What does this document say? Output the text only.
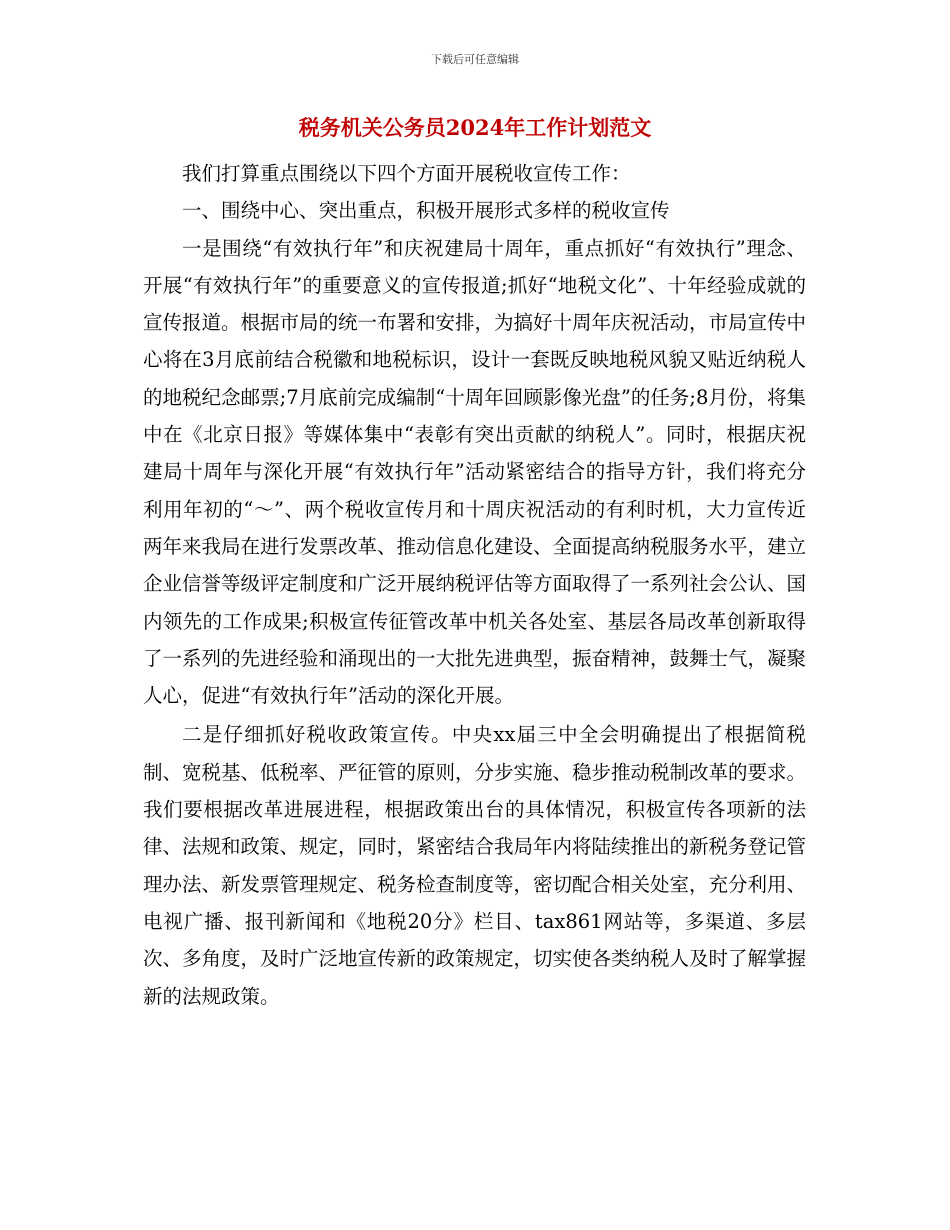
下载后可任意编辑
税务机关公务员2024年工作计划范文

我们打算重点围绕以下四个方面开展税收宣传工作：

一、围绕中心、突出重点，积极开展形式多样的税收宣传

一是围绕“有效执行年”和庆祝建局十周年，重点抓好“有效执行”理念、开展“有效执行年”的重要意义的宣传报道;抓好“地税文化”、十年经验成就的宣传报道。根据市局的统一布署和安排，为搞好十周年庆祝活动，市局宣传中心将在3月底前结合税徽和地税标识，设计一套既反映地税风貌又贴近纳税人的地税纪念邮票;7月底前完成编制“十周年回顾影像光盘”的任务;8月份，将集中在《北京日报》等媒体集中“表彰有突出贡献的纳税人”。同时，根据庆祝建局十周年与深化开展“有效执行年”活动紧密结合的指导方针，我们将充分利用年初的“～”、两个税收宣传月和十周庆祝活动的有利时机，大力宣传近两年来我局在进行发票改革、推动信息化建设、全面提高纳税服务水平，建立企业信誉等级评定制度和广泛开展纳税评估等方面取得了一系列社会公认、国内领先的工作成果;积极宣传征管改革中机关各处室、基层各局改革创新取得了一系列的先进经验和涌现出的一大批先进典型，振奋精神，鼓舞士气，凝聚人心，促进“有效执行年”活动的深化开展。

二是仔细抓好税收政策宣传。中央xx届三中全会明确提出了根据简税制、宽税基、低税率、严征管的原则，分步实施、稳步推动税制改革的要求。我们要根据改革进展进程，根据政策出台的具体情况，积极宣传各项新的法律、法规和政策、规定，同时，紧密结合我局年内将陆续推出的新税务登记管理办法、新发票管理规定、税务检查制度等，密切配合相关处室，充分利用、电视广播、报刊新闻和《地税20分》栏目、tax861网站等，多渠道、多层次、多角度，及时广泛地宣传新的政策规定，切实使各类纳税人及时了解掌握新的法规政策。
